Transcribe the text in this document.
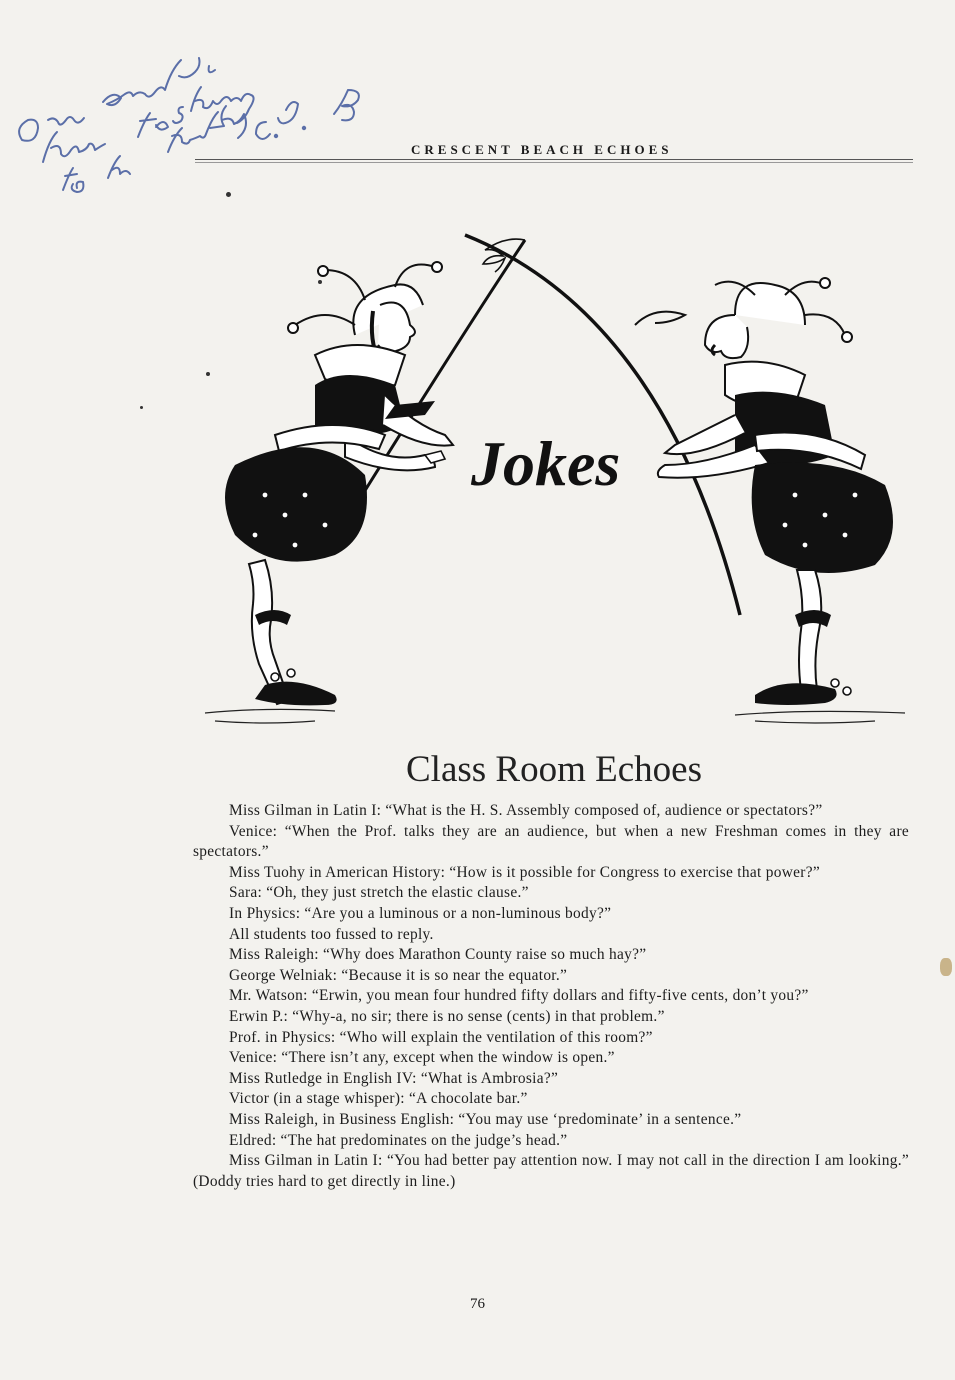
CRESCENT BEACH ECHOES
Jokes
Class Room Echoes

Miss Gilman in Latin I: “What is the H. S. Assembly composed of, audience or spectators?”

Venice: “When the Prof. talks they are an audience, but when a new Freshman comes in they are spectators.”

Miss Tuohy in American History: “How is it possible for Congress to exercise that power?”

Sara: “Oh, they just stretch the elastic clause.”

In Physics: “Are you a luminous or a non-luminous body?”

All students too fussed to reply.

Miss Raleigh: “Why does Marathon County raise so much hay?”

George Welniak: “Because it is so near the equator.”

Mr. Watson: “Erwin, you mean four hundred fifty dollars and fifty-five cents, don’t you?”

Erwin P.: “Why-a, no sir; there is no sense (cents) in that problem.”

Prof. in Physics: “Who will explain the ventilation of this room?”

Venice: “There isn’t any, except when the window is open.”

Miss Rutledge in English IV: “What is Ambrosia?”

Victor (in a stage whisper): “A chocolate bar.”

Miss Raleigh, in Business English: “You may use ‘predominate’ in a sentence.”

Eldred: “The hat predominates on the judge’s head.”

Miss Gilman in Latin I: “You had better pay attention now. I may not call in the direction I am looking.” (Doddy tries hard to get directly in line.)

76
